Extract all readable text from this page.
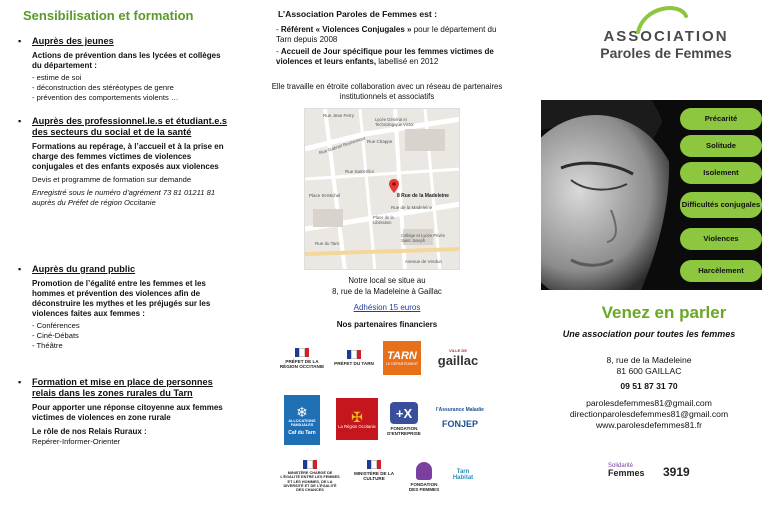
Sensibilisation et formation
▪ Auprès des jeunes
Actions de prévention dans les lycées et collèges du département :
- estime de soi
- déconstruction des stéréotypes de genre
- prévention des comportements violents …
▪ Auprès des professionnel.le.s et étudiant.e.s des secteurs du social et de la santé
Formations au repérage, à l’accueil et à la prise en charge des femmes victimes de violences conjugales et des enfants exposés aux violences
Devis et programme de formation sur demande
Enregistré sous le numéro d’agrément 73 81 01211 81 auprès du Préfet de région Occitanie
▪ Auprès du grand public
Promotion de l’égalité entre les femmes et les hommes et prévention des violences afin de déconstruire les mythes et les préjugés sur les violences faites aux femmes :
- Conférences
- Ciné-Débats
- Théâtre
▪ Formation et mise en place de personnes relais dans les zones rurales du Tarn
Pour apporter une réponse citoyenne aux femmes victimes de violences en zone rurale
Le rôle de nos Relais Ruraux :
Repérer-Informer-Orienter
L’Association Paroles de Femmes est :
- Référent « Violences Conjugales » pour le département du Tarn depuis 2008
- Accueil de Jour spécifique pour les femmes victimes de violences et leurs enfants, labellisé en 2012
Elle travaille en étroite collaboration avec un réseau de partenaires institutionnels et associatifs
Rue Gabriel Rochemont
Rue Jean Ferry
Lycée Général et Technologique Victor
Rue Saint-Éloi
Place de la Libération
Collège et Lycée Privés Saint Joseph
Avenue de Verdun
Rue du Tarn
Rue Chappe
Place St-Michel
Rue de la Madeleine
8 Rue de la Madeleine
Notre local se situe au
8, rue de la Madeleine à Gaillac
Adhésion 15 euros
Nos partenaires financiers
PRÉFET DE LA RÉGION OCCITANIE	PRÉFET DU TARN
TARN
LE DÉPARTEMENT
VILLE DE
gaillac
❄
ALLOCATIONS FAMILIALES
Caf du Tarn
✠
La Région Occitanie
+X
FONDATION D'ENTREPRISE
l'Assurance Maladie
FONJEP
MINISTÈRE CHARGÉ DE L'ÉGALITÉ ENTRE LES FEMMES ET LES HOMMES, DE LA DIVERSITÉ ET DE L'ÉGALITÉ DES CHANCES
MINISTÈRE DE LA CULTURE
FONDATION DES FEMMES
Tarn Habitat
ASSOCIATION
Paroles de Femmes
Précarité
Solitude
Isolement
Difficultés conjugales
Violences
Harcèlement
Venez en parler
Une association pour toutes les femmes
8, rue de la Madeleine
81 600 GAILLAC
09 51 87 31 70
parolesdefemmes81@gmail.com
directionparolesdefemmes81@gmail.com
www.parolesdefemmes81.fr
Solidarité
Femmes	3919
